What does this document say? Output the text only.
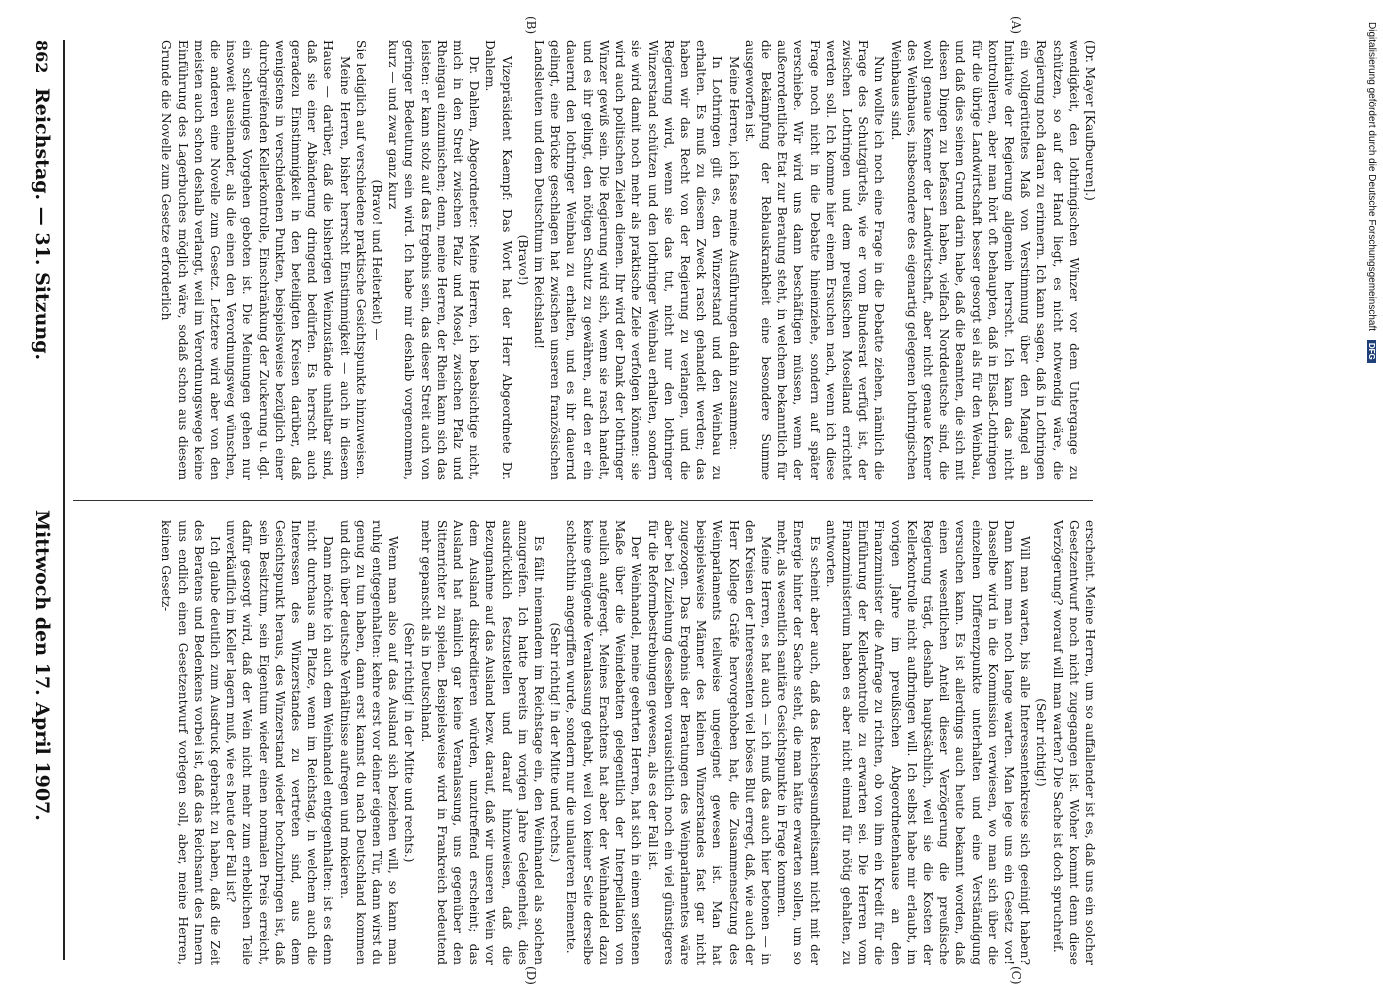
862
Reichstag. — 31. Sitzung.
Mittwoch den 17. April 1907.
(A)
(B)
(C)
(D)

(Dr. Mayer [Kaufbeuren].)

wendigkeit, den lothringischen Winzer vor dem Untergange zu schützen, so auf der Hand liegt, es nicht notwendig wäre, die Regierung noch daran zu erinnern. Ich kann sagen, daß in Lothringen ein vollgerütteltes Maß von Verstimmung über den Mangel an Initiative der Regierung allgemein herrscht. Ich kann das nicht kontrollieren, aber man hört oft behaupten, daß in Elsaß-Lothringen für die übrige Landwirtschaft besser gesorgt sei als für den Weinbau, und daß dies seinen Grund darin habe, daß die Beamten, die sich mit diesen Dingen zu befassen haben, vielfach Norddeutsche sind, die wohl genaue Kenner der Landwirtschaft, aber nicht genaue Kenner des Weinbaues, insbesondere des eigenartig gelegenen lothringischen Weinbaues sind.

Nun wollte ich noch eine Frage in die Debatte ziehen, nämlich die Frage des Schutzgürtels, wie er vom Bundesrat verfügt ist, der zwischen Lothringen und dem preußischen Moselland errichtet werden soll. Ich komme hier einem Ersuchen nach, wenn ich diese Frage noch nicht in die Debatte hineinziehe, sondern auf später verschiebe. Wir wird uns dann beschäftigen müssen, wenn der außerordentliche Etat zur Beratung steht, in welchem bekanntlich für die Bekämpfung der Reblauskrankheit eine besondere Summe ausgeworfen ist.

Meine Herren, ich fasse meine Ausführungen dahin zusammen:

In Lothringen gilt es, den Winzerstand und den Weinbau zu erhalten. Es muß zu diesem Zweck rasch gehandelt werden; das haben wir das Recht von der Regierung zu verlangen, und die Regierung wird, wenn sie das tut, nicht nur den lothringer Winzerstand schützen und den lothringer Weinbau erhalten, sondern sie wird damit noch mehr als praktische Ziele verfolgen können: sie wird auch politischen Zielen dienen. Ihr wird der Dank der lothringer Winzer gewiß sein. Die Regierung wird sich, wenn sie rasch handelt, und es ihr gelingt, den nötigen Schutz zu gewähren, auf den er ein dauernd den lothringer Weinbau zu erhalten, und es ihr dauernd gelingt, eine Brücke geschlagen hat zwischen unseren französischen Landsleuten und dem Deutschtum im Reichsland!

(Bravo!)

Vizepräsident Kaempf: Das Wort hat der Herr Abgeordnete Dr. Dahlem.

Dr. Dahlem, Abgeordneter: Meine Herren, ich beabsichtige nicht, mich in den Streit zwischen Pfalz und Mosel, zwischen Pfalz und Rheingau einzumischen; denn, meine Herren, der Rhein kann sich das leisten: er kann stolz auf das Ergebnis sein, das dieser Streit auch von geringer Bedeutung sein wird. Ich habe mir deshalb vorgenommen, kurz — und zwar ganz kurz

(Bravo! und Heiterkeit) —

Sie lediglich auf verschiedene praktische Gesichtspunkte hinzuweisen.

Meine Herren, bisher herrscht Einstimmigkeit — auch in diesem Hause — darüber, daß die bisherigen Weinzustände unhaltbar sind, daß sie einer Abänderung dringend bedürfen. Es herrscht auch geradezu Einstimmigkeit in den beteiligten Kreisen darüber, daß wenigstens in verschiedenen Punkten, beispielsweise bezüglich einer durchgreifenden Kellerkontrolle, Einschränkung der Zuckerung u. dgl. ein schleuniges Vorgehen geboten ist. Die Meinungen gehen nur insoweit auseinander, als die einen den Verordnungsweg wünschen, die anderen eine Novelle zum Gesetz. Letztere wird aber von den meisten auch schon deshalb verlangt, weil im Verordnungswege keine Einführung des Lagerbuches möglich wäre, sodaß schon aus diesem Grunde die Novelle zum Gesetze erforderlich

erscheint. Meine Herren, um so auffallender ist es, daß uns ein solcher Gesetzentwurf noch nicht zugegangen ist. Woher kommt denn diese Verzögerung? worauf will man warten? Die Sache ist doch spruchreif.

(Sehr richtig!)

Will man warten, bis alle Interessentenkreise sich geeinigt haben? Dann kann man noch lange warten. Man lege uns ein Gesetz vor! Dasselbe wird in die Kommission verwiesen, wo man sich über die einzelnen Differenzpunkte unterhalten und eine Verständigung versuchen kann. Es ist allerdings auch heute bekannt worden, daß einen wesentlichen Anteil dieser Verzögerung die preußische Regierung trägt, deshalb hauptsächlich, weil sie die Kosten der Kellerkontrolle nicht aufbringen will. Ich selbst habe mir erlaubt, im vorigen Jahre im preußischen Abgeordnetenhause an den Finanzminister die Anfrage zu richten, ob von ihm ein Kredit für die Einführung der Kellerkontrolle zu erwarten sei. Die Herren vom Finanzministerium haben es aber nicht einmal für nötig gehalten, zu antworten.

Es scheint aber auch, daß das Reichsgesundheitsamt nicht mit der Energie hinter der Sache steht, die man hätte erwarten sollen, um so mehr, als wesentlich sanitäre Gesichtspunkte in Frage kommen.

Meine Herren, es hat auch — ich muß das auch hier betonen — in den Kreisen der Interessenten viel böses Blut erregt, daß, wie auch der Herr Kollege Gräfe hervorgehoben hat, die Zusammensetzung des Weinparlaments teilweise ungeeignet gewesen ist. Man hat beispielsweise Männer des kleinen Winzerstandes fast gar nicht zugezogen. Das Ergebnis der Beratungen des Weinparlamentes wäre aber bei Zuziehung desselben vorausichtlich noch ein viel günstigeres für die Reformbestrebungen gewesen, als es der Fall ist.

Der Weinhandel, meine geehrten Herren, hat sich in einem seltenen Maße über die Weindebatten gelegentlich der Interpellation von neulich aufgeregt. Meines Erachtens hat aber der Weinhandel dazu keine genügende Veranlassung gehabt, weil von keiner Seite derselbe schlechthin angegriffen wurde, sondern nur die unlauteren Elemente.

(Sehr richtig! in der Mitte und rechts.)

Es fällt niemandem im Reichstage ein, den Weinhandel als solchen anzugreifen. Ich hatte bereits im vorigen Jahre Gelegenheit, dies ausdrücklich festzustellen und darauf hinzuweisen, daß die Bezugnahme auf das Ausland bezw. darauf, daß wir unseren Wein vor dem Ausland diskreditieren würden, unzutreffend erscheint; das Ausland hat nämlich gar keine Veranlassung, uns gegenüber den Sittenrichter zu spielen. Beispielsweise wird in Frankreich bedeutend mehr gepanscht als in Deutschland.

(Sehr richtig! in der Mitte und rechts.)

Wenn man also auf das Ausland sich beziehen will, so kann man ruhig entgegenhalten: kehre erst vor deiner eigenen Tür, dann wirst du genug zu tun haben, dann erst kannst du nach Deutschland kommen und dich über deutsche Verhältnisse aufregen und mokieren.

Dann möchte ich auch dem Weinhandel entgegenhalten: ist es denn nicht durchaus am Platze, wenn im Reichstag, in welchem auch die Interessen des Winzerstandes zu vertreten sind, aus dem Gesichtspunkt heraus, des Winzerstand wieder hochzubringen ist, daß sein Besitztum, sein Eigentum wieder einen normalen Preis erreicht, dafür gesorgt wird, daß der Wein nicht mehr zum erheblichen Teile unverkäuflich im Keller lagern muß, wie es heute der Fall ist?

Ich glaube deutlich zum Ausdruck gebracht zu haben, daß die Zeit des Beratens und Bedenkens vorbei ist, daß das Reichsamt des Innern uns endlich einen Gesetzentwurf vorlegen soll, aber, meine Herren, keinen Gesetz-

Digitalisierung gefördert durch die Deutsche Forschungsgemeinschaft DFG
